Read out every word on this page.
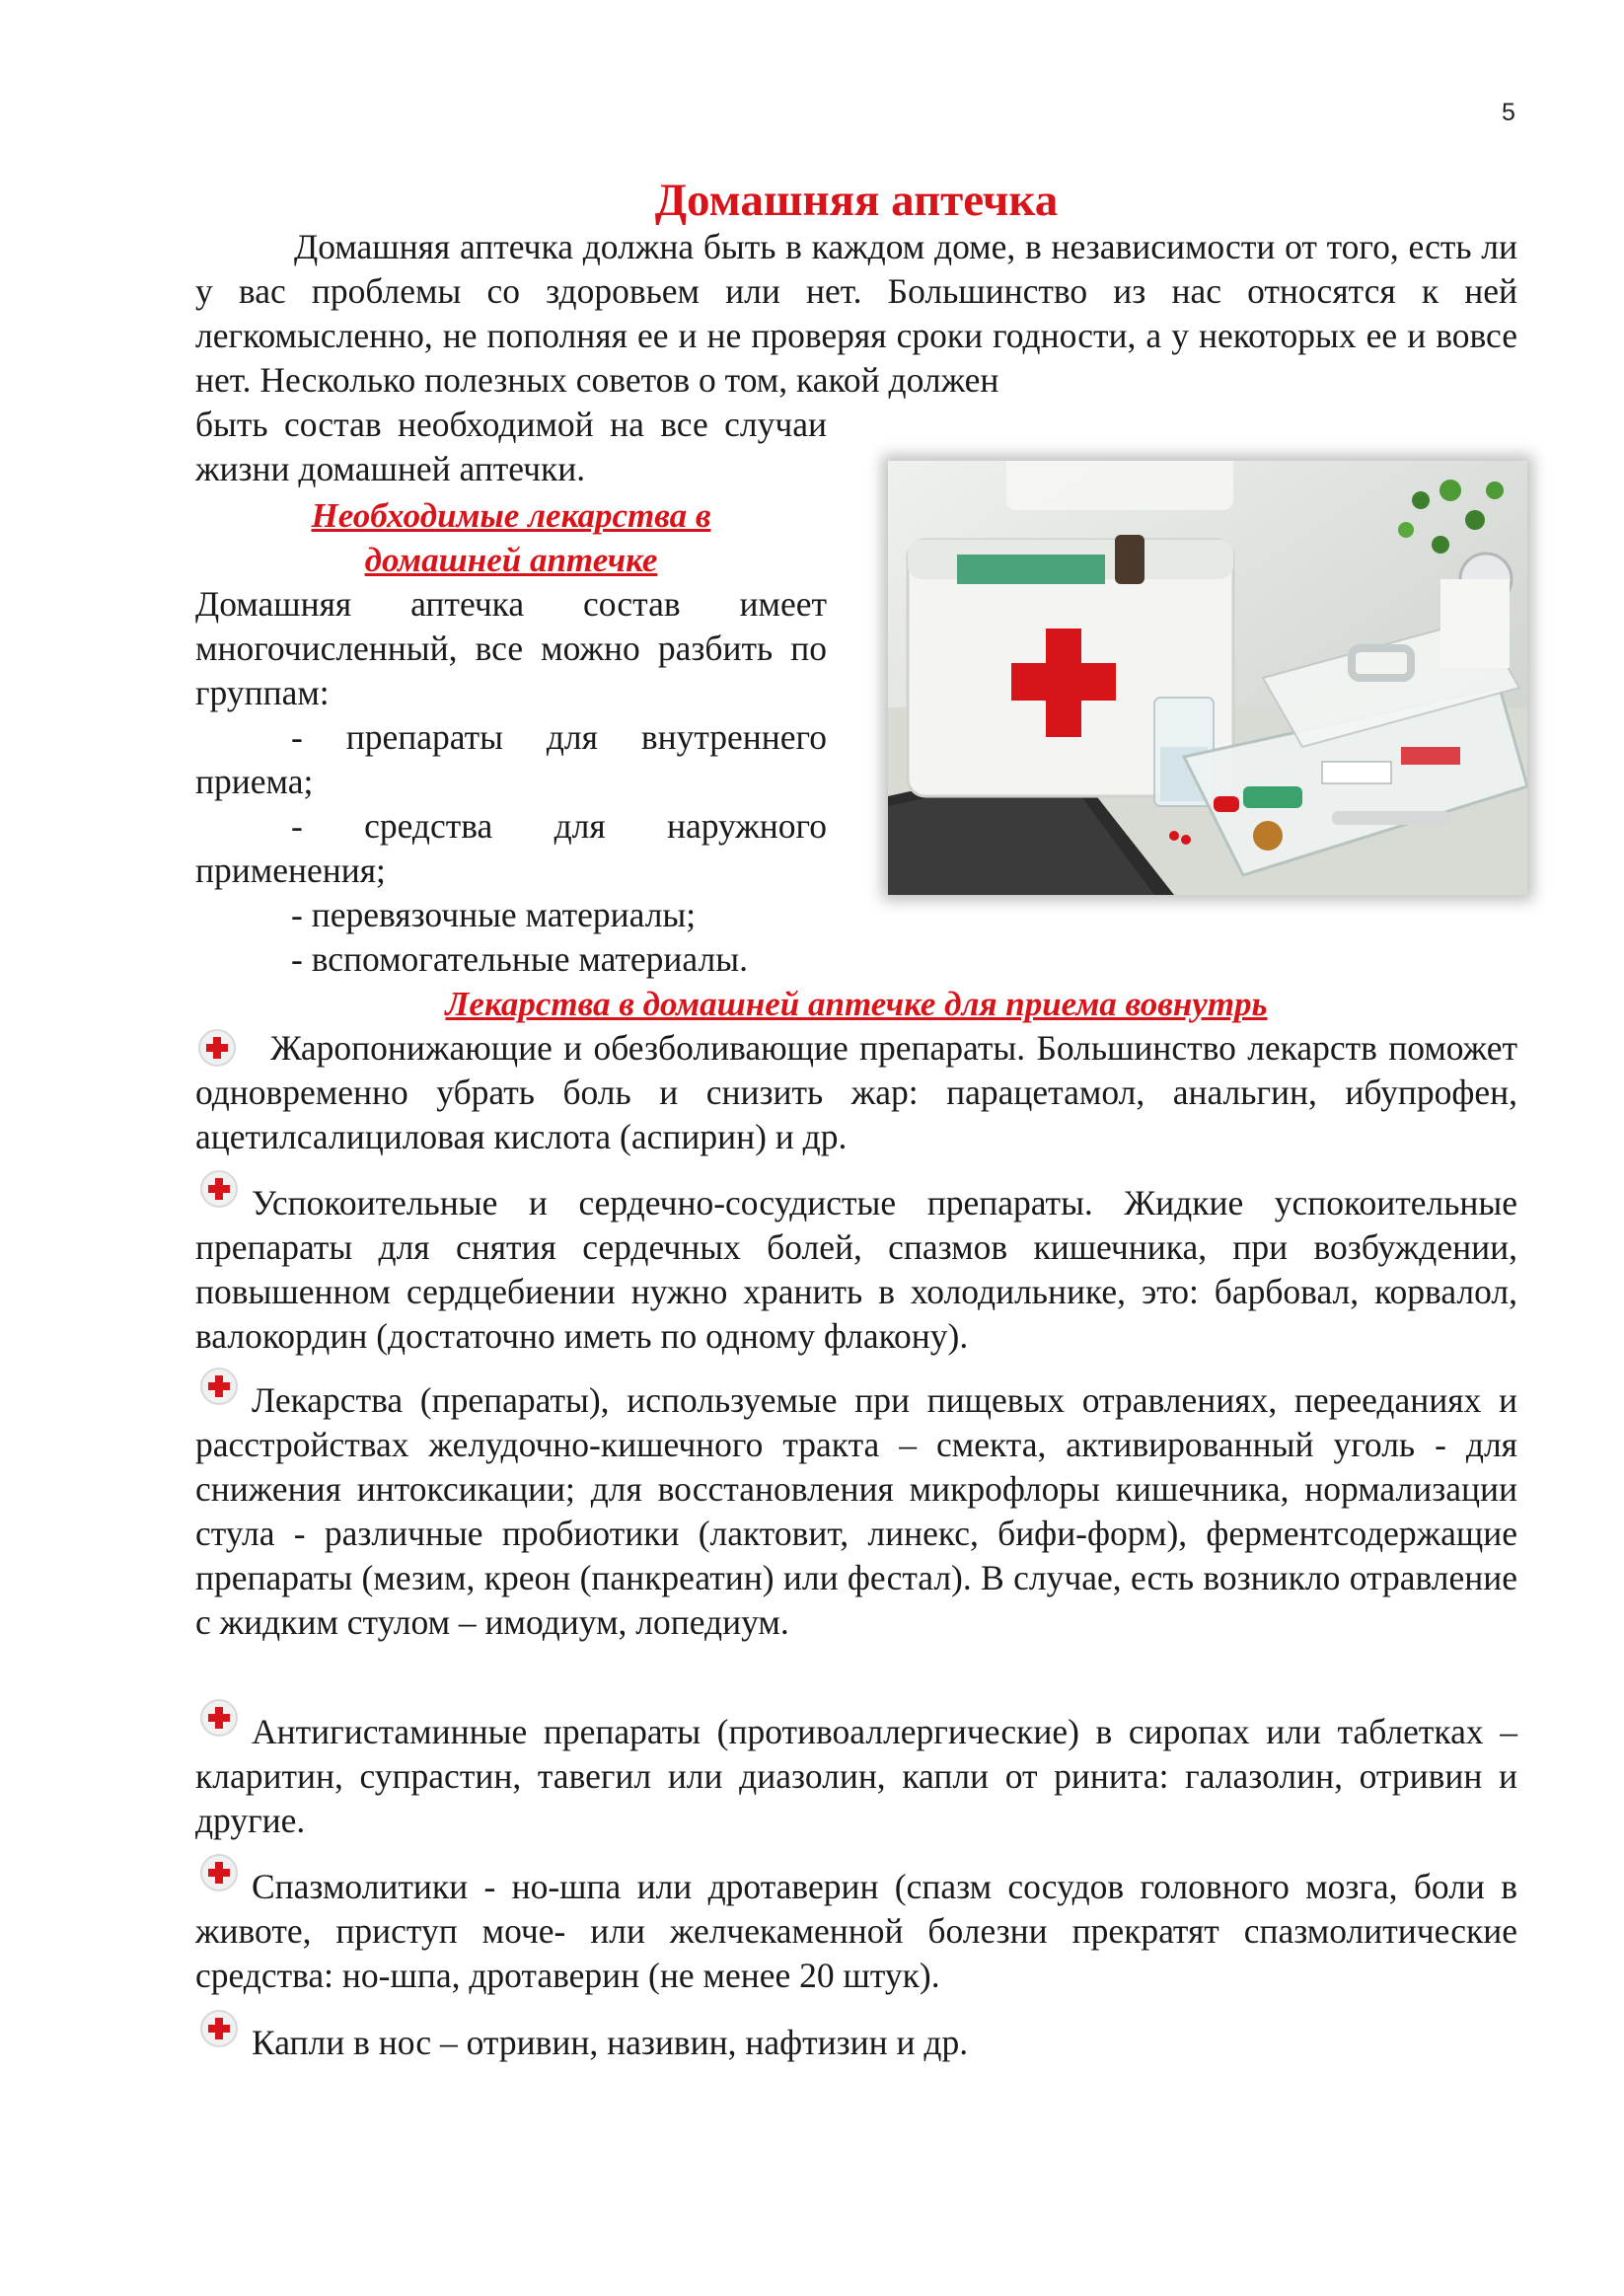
5
Домашняя аптечка

Домашняя аптечка должна быть в каждом доме, в независимости от того, есть ли у вас проблемы со здоровьем или нет. Большинство из нас относятся к ней легкомысленно, не пополняя ее и не проверяя сроки годности, а у некоторых ее и вовсе нет. Несколько полезных советов о том, какой должен

быть состав необходимой на все случаи жизни домашней аптечки.

Необходимые лекарства в

домашней аптечке

Домашняя аптечка состав имеет многочисленный, все можно разбить по группам:

- препараты для внутреннего приема;

- средства для наружного применения;

- перевязочные материалы;

- вспомогательные материалы.

Лекарства в домашней аптечке для приема вовнутрь

Жаропонижающие и обезболивающие препараты. Большинство лекарств поможет одновременно убрать боль и снизить жар: парацетамол, анальгин, ибупрофен, ацетилсалициловая кислота (аспирин) и др.

Успокоительные и сердечно-сосудистые препараты. Жидкие успокоительные препараты для снятия сердечных болей, спазмов кишечника, при возбуждении, повышенном сердцебиении нужно хранить в холодильнике, это: барбовал, корвалол, валокордин (достаточно иметь по одному флакону).

Лекарства (препараты), используемые при пищевых отравлениях, перееданиях и расстройствах желудочно-кишечного тракта – смекта, активированный уголь - для снижения интоксикации; для восстановления микрофлоры кишечника, нормализации стула - различные пробиотики (лактовит, линекс, бифи-форм), ферментсодержащие препараты (мезим, креон (панкреатин) или фестал). В случае, есть возникло отравление с жидким стулом – имодиум, лопедиум.

Антигистаминные препараты (противоаллергические) в сиропах или таблетках – кларитин, супрастин, тавегил или диазолин, капли от ринита: галазолин, отривин и другие.

Спазмолитики - но-шпа или дротаверин (спазм сосудов головного мозга, боли в животе, приступ моче- или желчекаменной болезни прекратят спазмолитические средства: но-шпа, дротаверин (не менее 20 штук).

Капли в нос – отривин, називин, нафтизин и др.
